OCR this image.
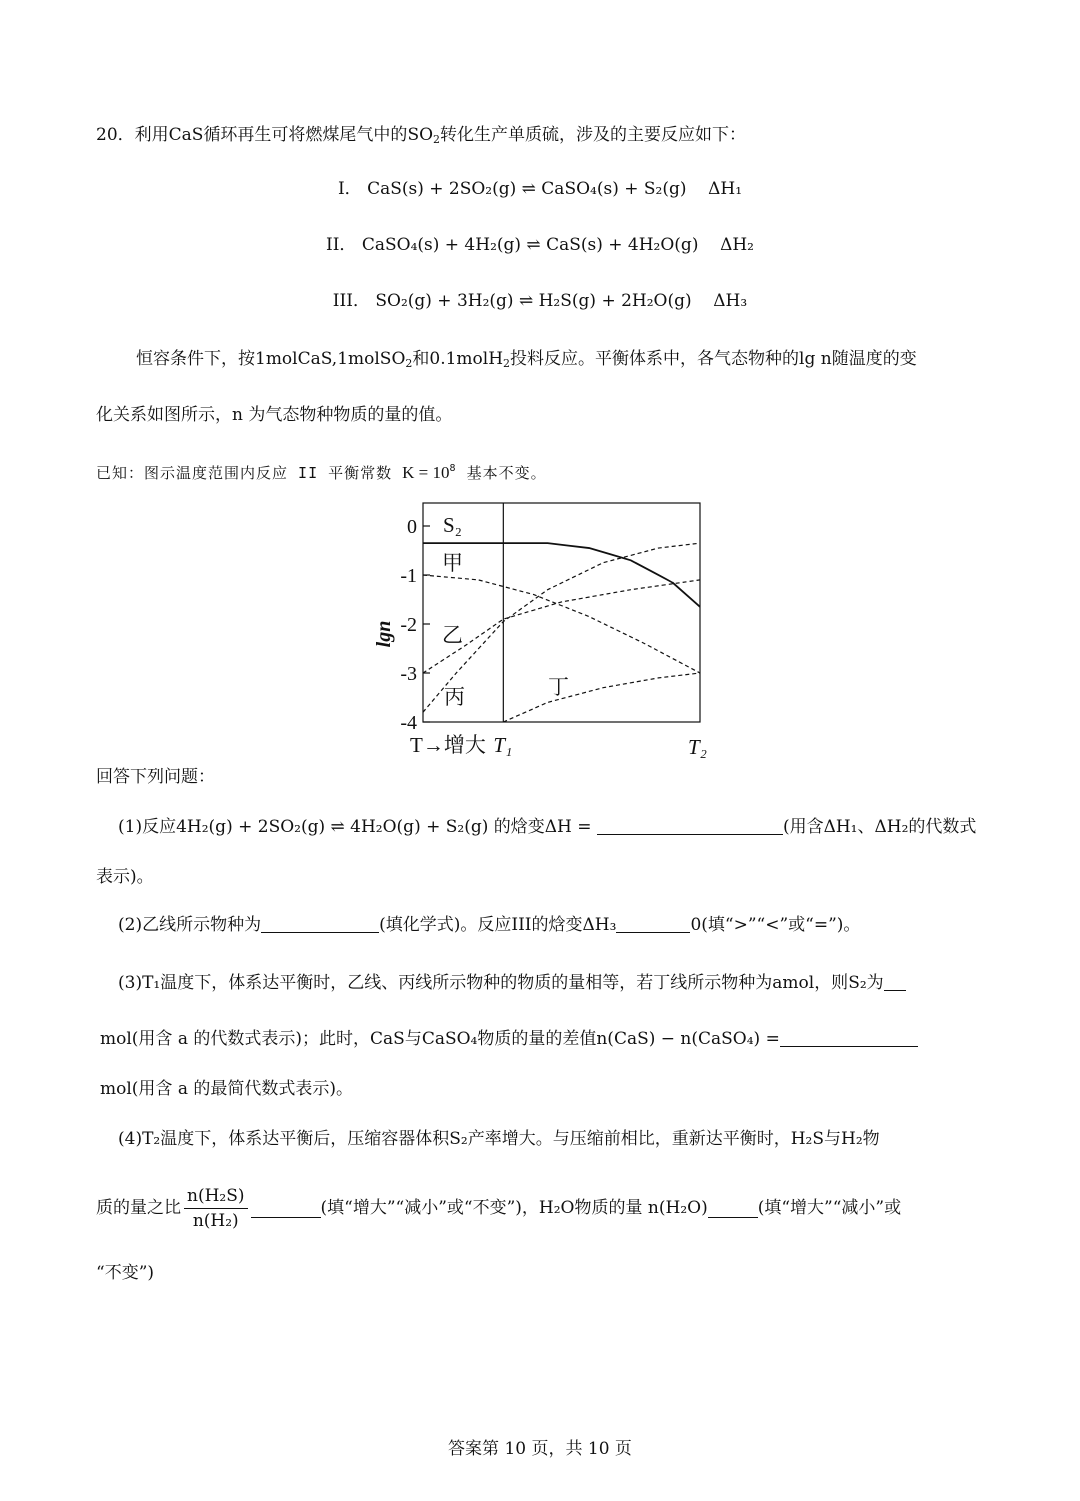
20．利用CaS循环再生可将燃煤尾气中的$SO_2$转化生产单质硫，涉及的主要反应如下：
I． CaS(s) + 2SO₂(g) ⇌ CaSO₄(s) + S₂(g) ΔH₁
II． CaSO₄(s) + 4H₂(g) ⇌ CaS(s) + 4H₂O(g) ΔH₂
III． SO₂(g) + 3H₂(g) ⇌ H₂S(g) + 2H₂O(g) ΔH₃
恒容条件下，按1molCaS,1molSO$_2$和0.1molH$_2$投料反应。平衡体系中，各气态物种的lg n随温度的变
化关系如图所示，n 为气态物种物质的量的值。
已知：图示温度范围内反应 II 平衡常数 $K = 10^8$ 基本不变。
0
-1
-2
-3
-4
S₂
甲
乙
丙	丁
lgn
T→增大 T₁	T₂
回答下列问题：
(1)反应4H₂(g) + 2SO₂(g) ⇌ 4H₂O(g) + S₂(g) 的焓变ΔH =	(用含ΔH₁、ΔH₂的代数式
表示)。
(2)乙线所示物种为	(填化学式)。反应III的焓变ΔH₃	0(填“>”“<”或“=”)。
(3)T₁温度下，体系达平衡时，乙线、丙线所示物种的物质的量相等，若丁线所示物种为amol，则S₂为
mol(用含 a 的代数式表示)；此时，CaS与CaSO₄物质的量的差值n(CaS) − n(CaSO₄) =
mol(用含 a 的最简代数式表示)。
(4)T₂温度下，体系达平衡后，压缩容器体积S₂产率增大。与压缩前相比，重新达平衡时，H₂S与H₂物
质的量之比 $\frac{\text{n(H₂S)}}{\text{n(H₂)}}$	(填“增大”“减小”或“不变”)， H₂O 物质的量
n(H₂O)	(填“增大”“减小”或
“不变”)
答案第 10 页，共 10 页
